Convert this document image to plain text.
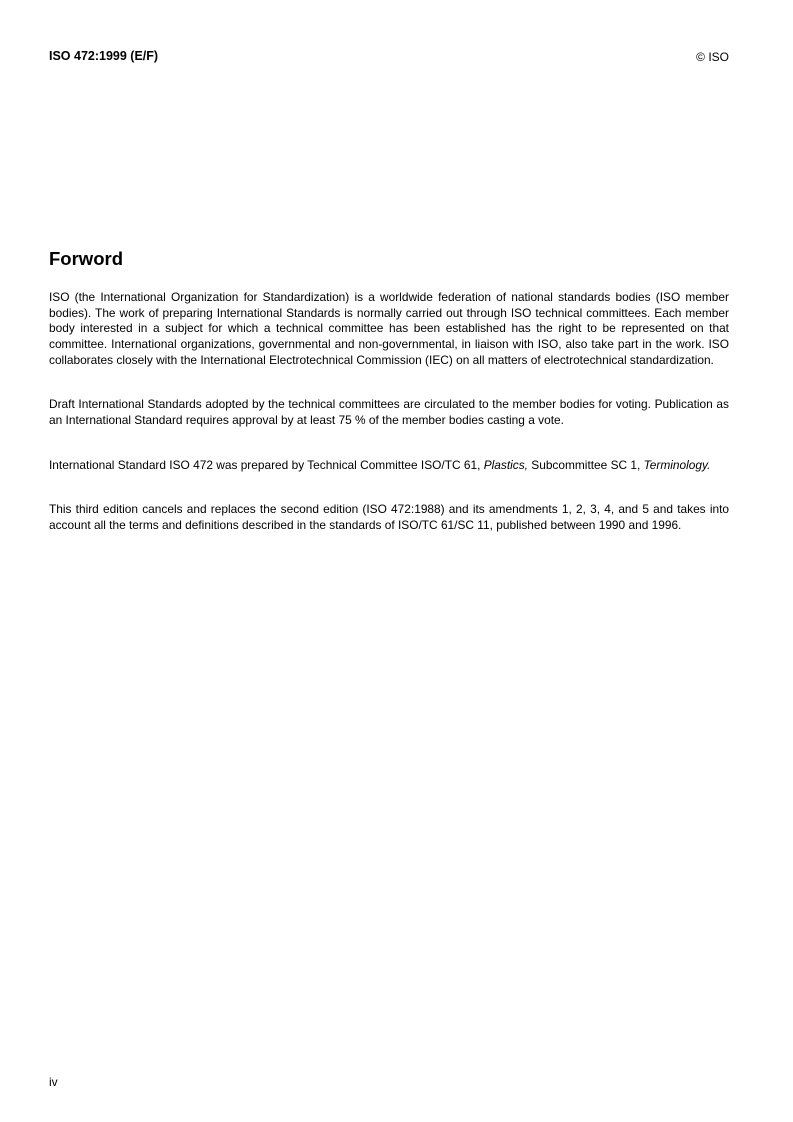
ISO 472:1999 (E/F)	© ISO
Forword

ISO (the International Organization for Standardization) is a worldwide federation of national standards bodies (ISO member bodies). The work of preparing International Standards is normally carried out through ISO technical committees. Each member body interested in a subject for which a technical committee has been established has the right to be represented on that committee. International organizations, governmental and non-governmental, in liaison with ISO, also take part in the work. ISO collaborates closely with the International Electrotechnical Commission (IEC) on all matters of electrotechnical standardization.

Draft International Standards adopted by the technical committees are circulated to the member bodies for voting. Publication as an International Standard requires approval by at least 75 % of the member bodies casting a vote.

International Standard ISO 472 was prepared by Technical Committee ISO/TC 61, Plastics, Subcommittee SC 1, Terminology.

This third edition cancels and replaces the second edition (ISO 472:1988) and its amendments 1, 2, 3, 4, and 5 and takes into account all the terms and definitions described in the standards of ISO/TC 61/SC 11, published between 1990 and 1996.

iv
